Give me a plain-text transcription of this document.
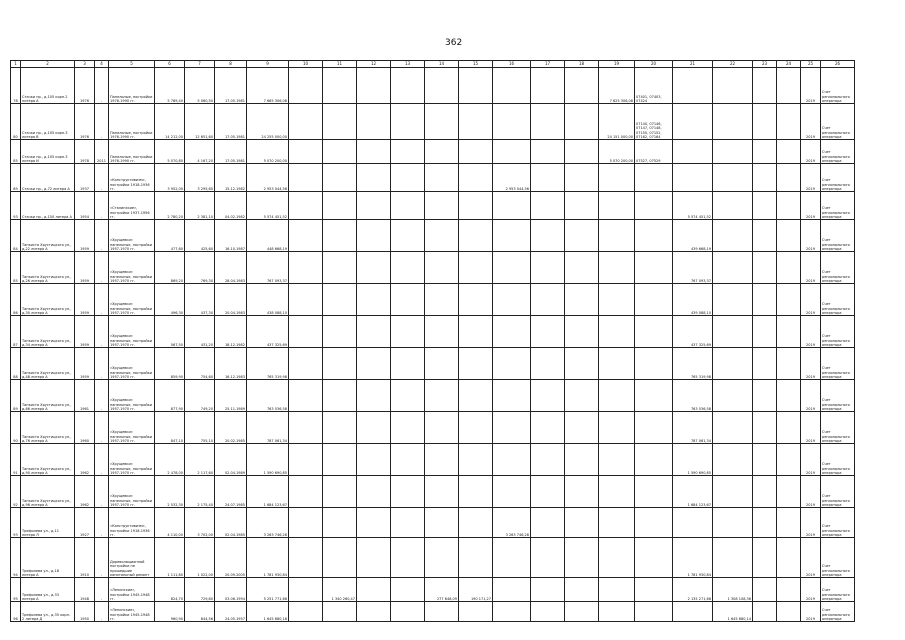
362
1	2	3	4	5	6	7	8	9	10	11	12	13	14	15	16	17	18	19	20	21	22	23	24	25	26
78	Стачки пр., д.105 корп.2 литера А	1976	-	Панельные, постройки 1976-1990 гг.	5 769,40	5 060,50	17.05.1981	7 665 306,08										7 625 306,08	07401, 07403, 07424					2019	Счет регионального оператора
80	Стачки пр., д.105 корп.3 литера В	1976	-	Панельные, постройки 1976-1990 гг.	14 212,00	12 651,60	17.05.1981	24 255 000,00										24 151 000,00	07140, 07146, 07147, 07148, 07150, 07152, 07162, 07164					2019	Счет регионального оператора
85	Стачки пр., д.105 корп.3 литера И	1978	2011	Панельные, постройки 1976-1990 гг.	5 070,80	4 167,20	17.05.1981	5 070 200,00										5 070 200,00	07527, 07529					2019	Счет регионального оператора
89	Стачки пр., д.72 литера А	1937	-	«Конструктивизм», постройки 1918-1936 гг.	3 952,00	3 295,60	15.12.1982	2 953 044,56							2 953 044,56									2019	Счет регионального оператора
93	Стачки пр., д.150 литера А	1954	-	«Сталинские», постройки 1937-1956 гг.	2 780,20	2 381,10	04.02.1982	5 574 451,52												5 574 451,52				2019	Счет регионального оператора
84	Танкиста Хрустицкого ул., д.22 литера А	1959	-	«Хрущевки» панельные, постройки 1957-1970 гг.	477,60	425,60	16.10.1987	448 668,19												439 668,19				2019	Счет регионального оператора
85	Танкиста Хрустицкого ул., д.26 литера А	1959	-	«Хрущевки» панельные, постройки 1957-1970 гг.	869,20	769,30	28.04.1983	767 093,37												767 093,37				2019	Счет регионального оператора
86	Танкиста Хрустицкого ул., д.30 литера А	1959	-	«Хрущевки» панельные, постройки 1957-1970 гг.	496,30	437,30	20.04.1983	438 088,10												439 088,10				2019	Счет регионального оператора
87	Танкиста Хрустицкого ул., д.34 литера А	1959	-	«Хрущевки» панельные, постройки 1957-1970 гг.	567,50	431,20	18.12.1982	437 325,69												437 325,69				2019	Счет регионального оператора
88	Танкиста Хрустицкого ул., д.48 литера А	1959	-	«Хрущевки» панельные, постройки 1957-1970 гг.	859,90	754,60	16.12.1983	765 319,98												765 319,98				2019	Счет регионального оператора
89	Танкиста Хрустицкого ул., д.66 литера А	1961	-	«Хрущевки» панельные, постройки 1957-1970 гг.	877,90	749,20	25.11.1989	763 536,58												763 536,58				2019	Счет регионального оператора
90	Танкиста Хрустицкого ул., д.76 литера А	1960	-	«Хрущевки» панельные, постройки 1957-1970 гг.	847,10	755,10	20.02.1985	787 061,34												787 061,34				2019	Счет регионального оператора
91	Танкиста Хрустицкого ул., д.90 литера А	1962	-	«Хрущевки» панельные, постройки 1957-1970 гг.	2 478,00	2 117,60	02.04.1989	1 590 690,85												1 590 690,85				2019	Счет регионального оператора
92	Танкиста Хрустицкого ул., д.96 литера А	1962	-	«Хрущевки» панельные, постройки 1957-1970 гг.	2 532,30	2 175,40	24.07.1985	1 684 123,67												1 684 123,67				2019	Счет регионального оператора
93	Трефолева ул., д.11 литера Л	1927	-	«Конструктивизм», постройки 1918-1936 гг.	4 110,00	3 702,00	02.04.1985	3 263 746,28							3 263 746,28									2019	Счет регионального оператора
94	Трефолева ул., д.18 литера А	1910	-	Дореволюционной постройки не прошедшие капитальный ремонт	1 111,80	1 022,00	20.09.2005	1 781 930,84												1 781 930,84				2019	Счет регионального оператора
95	Трефолева ул., д.33 литера А	1948	-	«Ленинские», постройки 1945-1948 гг.	824,70	729,80	03.06.1994	5 251 771,66		1 340 260,47			277 648,09	190 171,27						2 135 271,66	1 308 108,36			2019	Счет регионального оператора
96	Трефолева ул., д.35 корп. 2 литера Д	1950	-	«Ленинские», постройки 1945-1948 гг.	960,90	844,56	24.05.1957	1 645 680,18													1 645 680,14			2019	Счет регионального оператора
